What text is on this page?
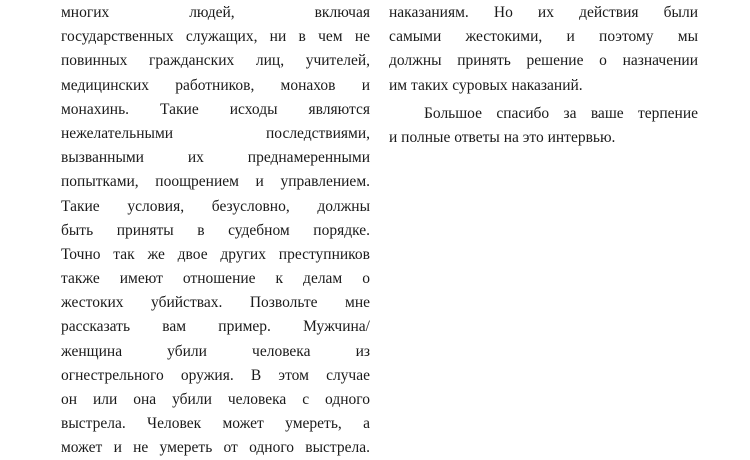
многих людей, включая
государственных служащих, ни в чем не
повинных гражданских лиц, учителей,
медицинских работников, монахов и
монахинь. Такие исходы являются
нежелательными последствиями,
вызванными их преднамеренными
попытками, поощрением и управлением.
Такие условия, безусловно, должны
быть приняты в судебном порядке.
Точно так же двое других преступников
также имеют отношение к делам о
жестоких убийствах. Позвольте мне
рассказать вам пример. Мужчина/
женщина убили человека из
огнестрельного оружия. В этом случае
он или она убили человека с одного
выстрела. Человек может умереть, а
может и не умереть от одного выстрела.
наказаниям. Но их действия были
самыми жестокими, и поэтому мы
должны принять решение о назначении
им таких суровых наказаний.
Большое спасибо за ваше терпение
и полные ответы на это интервью.
